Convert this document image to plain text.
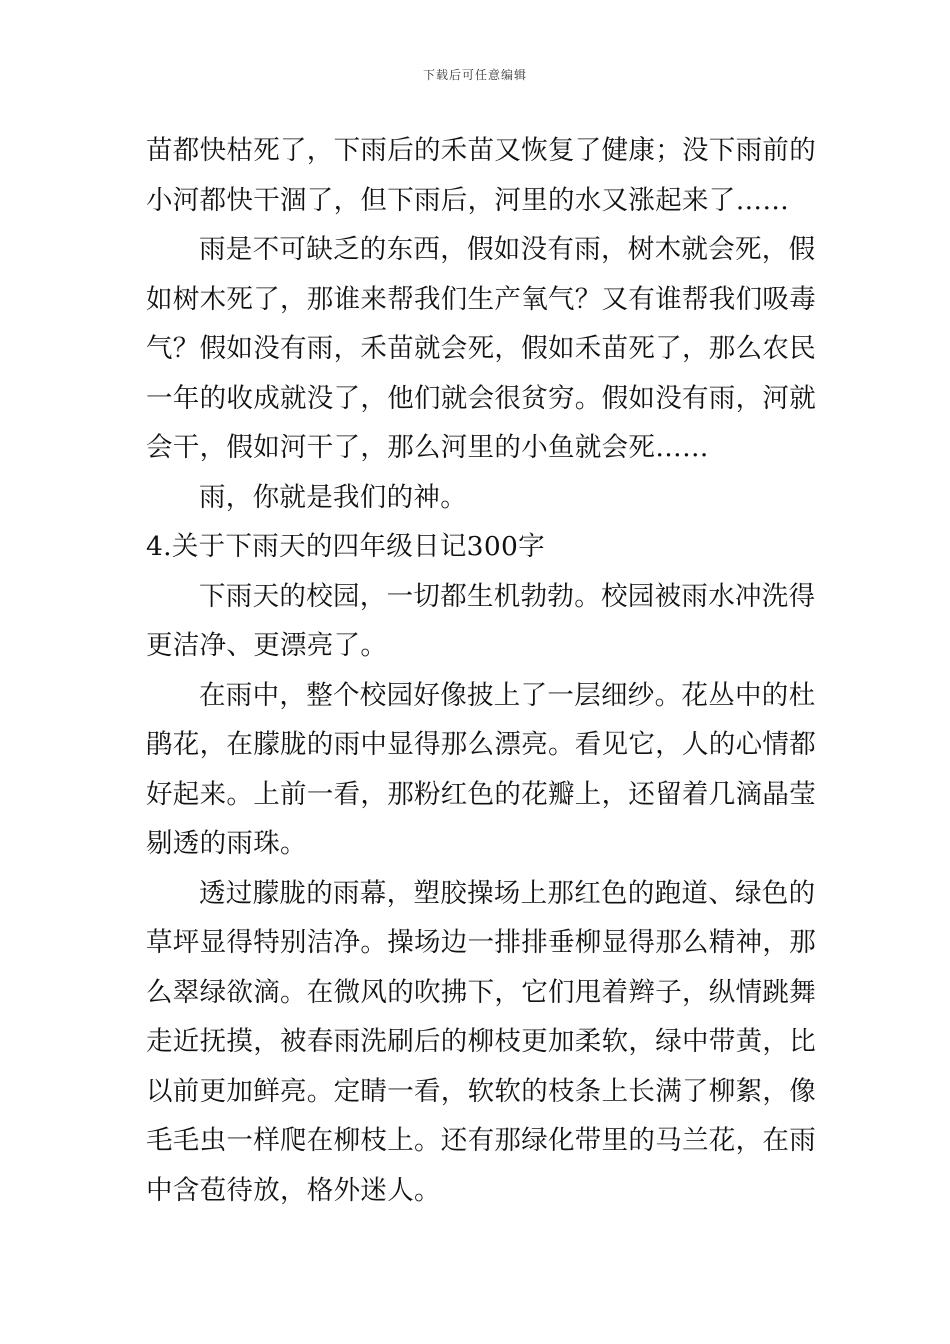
下载后可任意编辑
苗都快枯死了，下雨后的禾苗又恢复了健康；没下雨前的
小河都快干涸了，但下雨后，河里的水又涨起来了……
雨是不可缺乏的东西，假如没有雨，树木就会死，假
如树木死了，那谁来帮我们生产氧气？又有谁帮我们吸毒
气？假如没有雨，禾苗就会死，假如禾苗死了，那么农民
一年的收成就没了，他们就会很贫穷。假如没有雨，河就
会干，假如河干了，那么河里的小鱼就会死……
雨，你就是我们的神。
4.关于下雨天的四年级日记300字
下雨天的校园，一切都生机勃勃。校园被雨水冲洗得
更洁净、更漂亮了。
在雨中，整个校园好像披上了一层细纱。花丛中的杜
鹃花，在朦胧的雨中显得那么漂亮。看见它，人的心情都
好起来。上前一看，那粉红色的花瓣上，还留着几滴晶莹
剔透的雨珠。
透过朦胧的雨幕，塑胶操场上那红色的跑道、绿色的
草坪显得特别洁净。操场边一排排垂柳显得那么精神，那
么翠绿欲滴。在微风的吹拂下，它们甩着辫子，纵情跳舞
走近抚摸，被春雨洗刷后的柳枝更加柔软，绿中带黄，比
以前更加鲜亮。定睛一看，软软的枝条上长满了柳絮，像
毛毛虫一样爬在柳枝上。还有那绿化带里的马兰花，在雨
中含苞待放，格外迷人。
